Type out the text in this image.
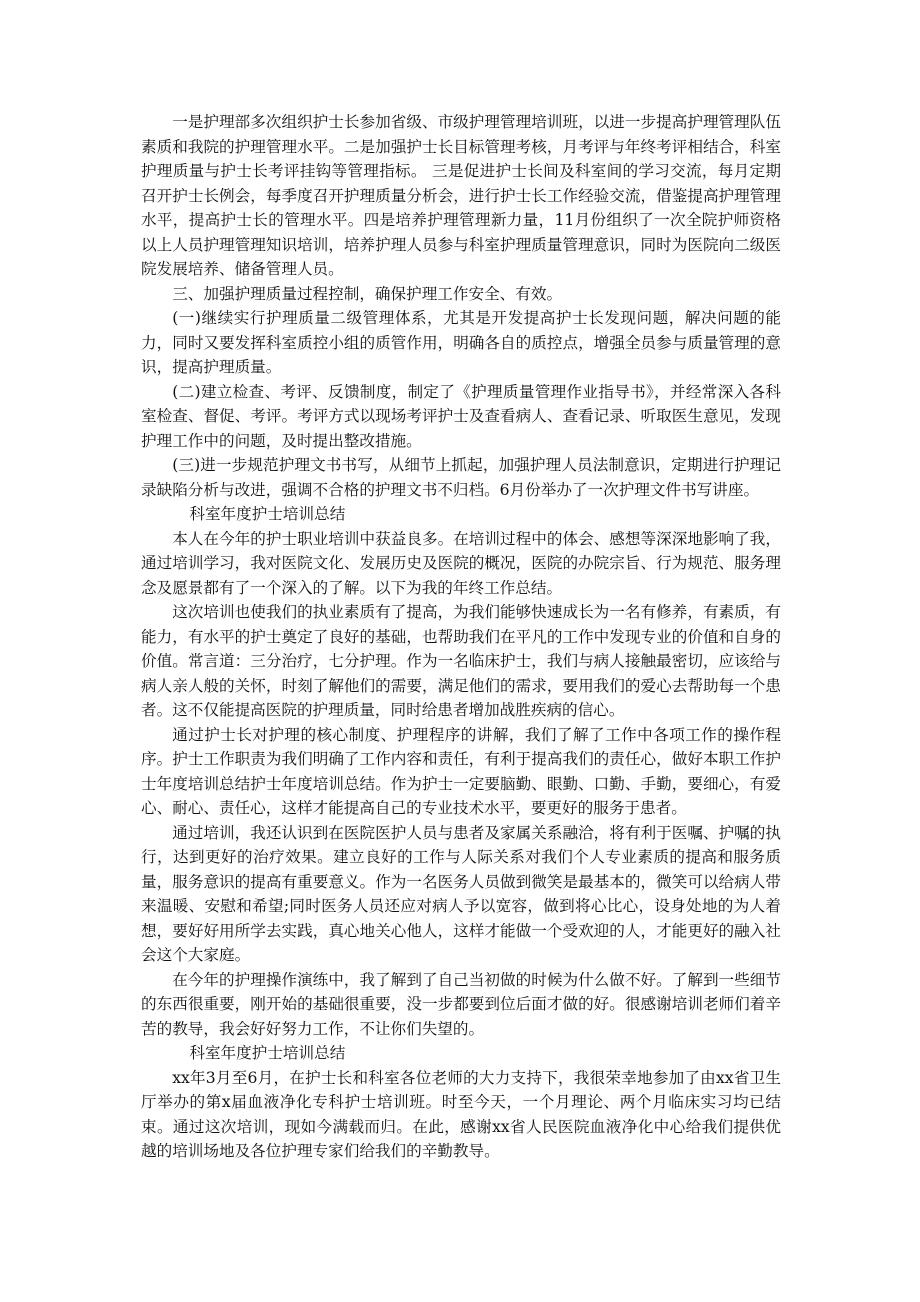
一是护理部多次组织护士长参加省级、市级护理管理培训班，以进一步提高护理管理队伍素质和我院的护理管理水平。二是加强护士长目标管理考核，月考评与年终考评相结合，科室护理质量与护士长考评挂钩等管理指标。 三是促进护士长间及科室间的学习交流，每月定期召开护士长例会，每季度召开护理质量分析会，进行护士长工作经验交流，借鉴提高护理管理水平，提高护士长的管理水平。四是培养护理管理新力量，11月份组织了一次全院护师资格以上人员护理管理知识培训，培养护理人员参与科室护理质量管理意识，同时为医院向二级医院发展培养、储备管理人员。

三、加强护理质量过程控制，确保护理工作安全、有效。

(一)继续实行护理质量二级管理体系，尤其是开发提高护士长发现问题，解决问题的能力，同时又要发挥科室质控小组的质管作用，明确各自的质控点，增强全员参与质量管理的意识，提高护理质量。

(二)建立检查、考评、反馈制度，制定了《护理质量管理作业指导书》，并经常深入各科室检查、督促、考评。考评方式以现场考评护士及查看病人、查看记录、听取医生意见，发现护理工作中的问题，及时提出整改措施。

(三)进一步规范护理文书书写，从细节上抓起，加强护理人员法制意识，定期进行护理记录缺陷分析与改进，强调不合格的护理文书不归档。6月份举办了一次护理文件书写讲座。

科室年度护士培训总结

本人在今年的护士职业培训中获益良多。在培训过程中的体会、感想等深深地影响了我，通过培训学习，我对医院文化、发展历史及医院的概况，医院的办院宗旨、行为规范、服务理念及愿景都有了一个深入的了解。以下为我的年终工作总结。

这次培训也使我们的执业素质有了提高，为我们能够快速成长为一名有修养，有素质，有能力，有水平的护士奠定了良好的基础，也帮助我们在平凡的工作中发现专业的价值和自身的价值。常言道：三分治疗，七分护理。作为一名临床护士，我们与病人接触最密切，应该给与病人亲人般的关怀，时刻了解他们的需要，满足他们的需求，要用我们的爱心去帮助每一个患者。这不仅能提高医院的护理质量，同时给患者增加战胜疾病的信心。

通过护士长对护理的核心制度、护理程序的讲解，我们了解了工作中各项工作的操作程序。护士工作职责为我们明确了工作内容和责任，有利于提高我们的责任心，做好本职工作护士年度培训总结护士年度培训总结。作为护士一定要脑勤、眼勤、口勤、手勤，要细心，有爱心、耐心、责任心，这样才能提高自己的专业技术水平，要更好的服务于患者。

通过培训，我还认识到在医院医护人员与患者及家属关系融洽，将有利于医嘱、护嘱的执行，达到更好的治疗效果。建立良好的工作与人际关系对我们个人专业素质的提高和服务质量，服务意识的提高有重要意义。作为一名医务人员做到微笑是最基本的，微笑可以给病人带来温暖、安慰和希望;同时医务人员还应对病人予以宽容，做到将心比心，设身处地的为人着想，要好好用所学去实践，真心地关心他人，这样才能做一个受欢迎的人，才能更好的融入社会这个大家庭。

在今年的护理操作演练中，我了解到了自己当初做的时候为什么做不好。了解到一些细节的东西很重要，刚开始的基础很重要，没一步都要到位后面才做的好。很感谢培训老师们着辛苦的教导，我会好好努力工作，不让你们失望的。

科室年度护士培训总结

xx年3月至6月，在护士长和科室各位老师的大力支持下，我很荣幸地参加了由xx省卫生厅举办的第x届血液净化专科护士培训班。时至今天，一个月理论、两个月临床实习均已结束。通过这次培训，现如今满载而归。在此，感谢xx省人民医院血液净化中心给我们提供优越的培训场地及各位护理专家们给我们的辛勤教导。
